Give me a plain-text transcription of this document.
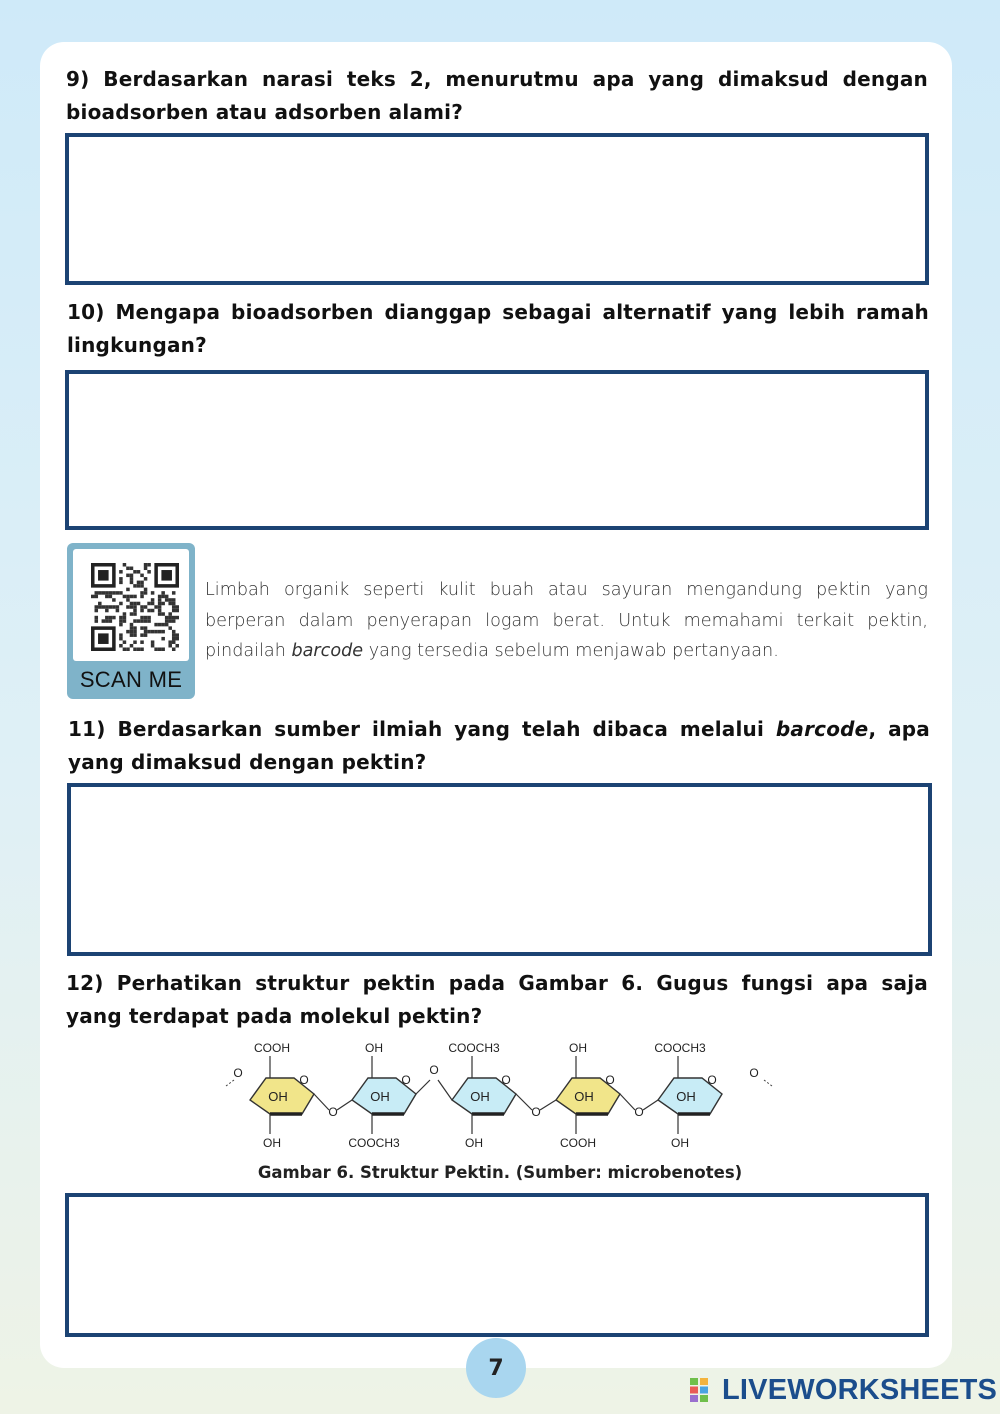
9) Berdasarkan narasi teks 2, menurutmu apa yang dimaksud dengan bioadsorben atau adsorben alami?

10) Mengapa bioadsorben dianggap sebagai alternatif yang lebih ramah lingkungan?

SCAN ME

Limbah organik seperti kulit buah atau sayuran mengandung pektin yang berperan dalam penyerapan logam berat. Untuk memahami terkait pektin, pindailah barcode yang tersedia sebelum menjawab pertanyaan.

11) Berdasarkan sumber ilmiah yang telah dibaca melalui barcode, apa yang dimaksud dengan pektin?

12) Perhatikan struktur pektin pada Gambar 6. Gugus fungsi apa saja yang terdapat pada molekul pektin?

O	O
O
OH
COOH
OH
O
O
OH
OH
COOCH3
O
O
OH
COOCH3
OH
O
O
OH
OH
COOH
O
O
OH
COOCH3
OH
Gambar 6. Struktur Pektin. (Sumber: microbenotes)
7
LIVEWORKSHEETS
